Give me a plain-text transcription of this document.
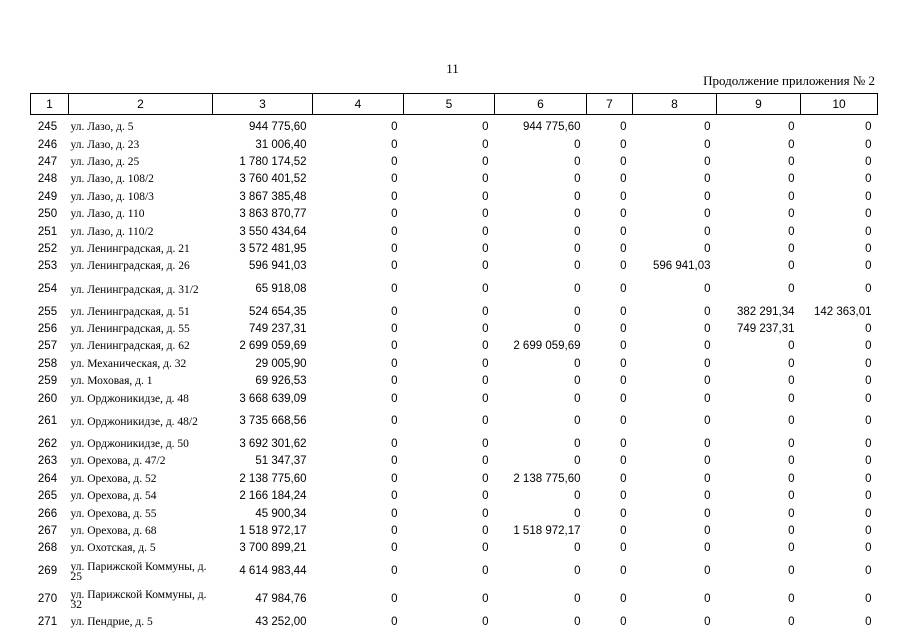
11
Продолжение приложения № 2
1	2	3	4	5	6	7	8	9	10
245	ул. Лазо, д. 5	944 775,60	0	0	944 775,60	0	0	0	0
246	ул. Лазо, д. 23	31 006,40	0	0	0	0	0	0	0
247	ул. Лазо, д. 25	1 780 174,52	0	0	0	0	0	0	0
248	ул. Лазо, д. 108/2	3 760 401,52	0	0	0	0	0	0	0
249	ул. Лазо, д. 108/3	3 867 385,48	0	0	0	0	0	0	0
250	ул. Лазо, д. 110	3 863 870,77	0	0	0	0	0	0	0
251	ул. Лазо, д. 110/2	3 550 434,64	0	0	0	0	0	0	0
252	ул. Ленинградская, д. 21	3 572 481,95	0	0	0	0	0	0	0
253	ул. Ленинградская, д. 26	596 941,03	0	0	0	0	596 941,03	0	0
254	ул. Ленинградская, д. 31/2	65 918,08	0	0	0	0	0	0	0
255	ул. Ленинградская, д. 51	524 654,35	0	0	0	0	0	382 291,34	142 363,01
256	ул. Ленинградская, д. 55	749 237,31	0	0	0	0	0	749 237,31	0
257	ул. Ленинградская, д. 62	2 699 059,69	0	0	2 699 059,69	0	0	0	0
258	ул. Механическая, д. 32	29 005,90	0	0	0	0	0	0	0
259	ул. Моховая, д. 1	69 926,53	0	0	0	0	0	0	0
260	ул. Орджоникидзе, д. 48	3 668 639,09	0	0	0	0	0	0	0
261	ул. Орджоникидзе, д. 48/2	3 735 668,56	0	0	0	0	0	0	0
262	ул. Орджоникидзе, д. 50	3 692 301,62	0	0	0	0	0	0	0
263	ул. Орехова, д. 47/2	51 347,37	0	0	0	0	0	0	0
264	ул. Орехова, д. 52	2 138 775,60	0	0	2 138 775,60	0	0	0	0
265	ул. Орехова, д. 54	2 166 184,24	0	0	0	0	0	0	0
266	ул. Орехова, д. 55	45 900,34	0	0	0	0	0	0	0
267	ул. Орехова, д. 68	1 518 972,17	0	0	1 518 972,17	0	0	0	0
268	ул. Охотская, д. 5	3 700 899,21	0	0	0	0	0	0	0
269	ул. Парижской Коммуны, д. 25	4 614 983,44	0	0	0	0	0	0	0
270	ул. Парижской Коммуны, д. 32	47 984,76	0	0	0	0	0	0	0
271	ул. Пендрие, д. 5	43 252,00	0	0	0	0	0	0	0
